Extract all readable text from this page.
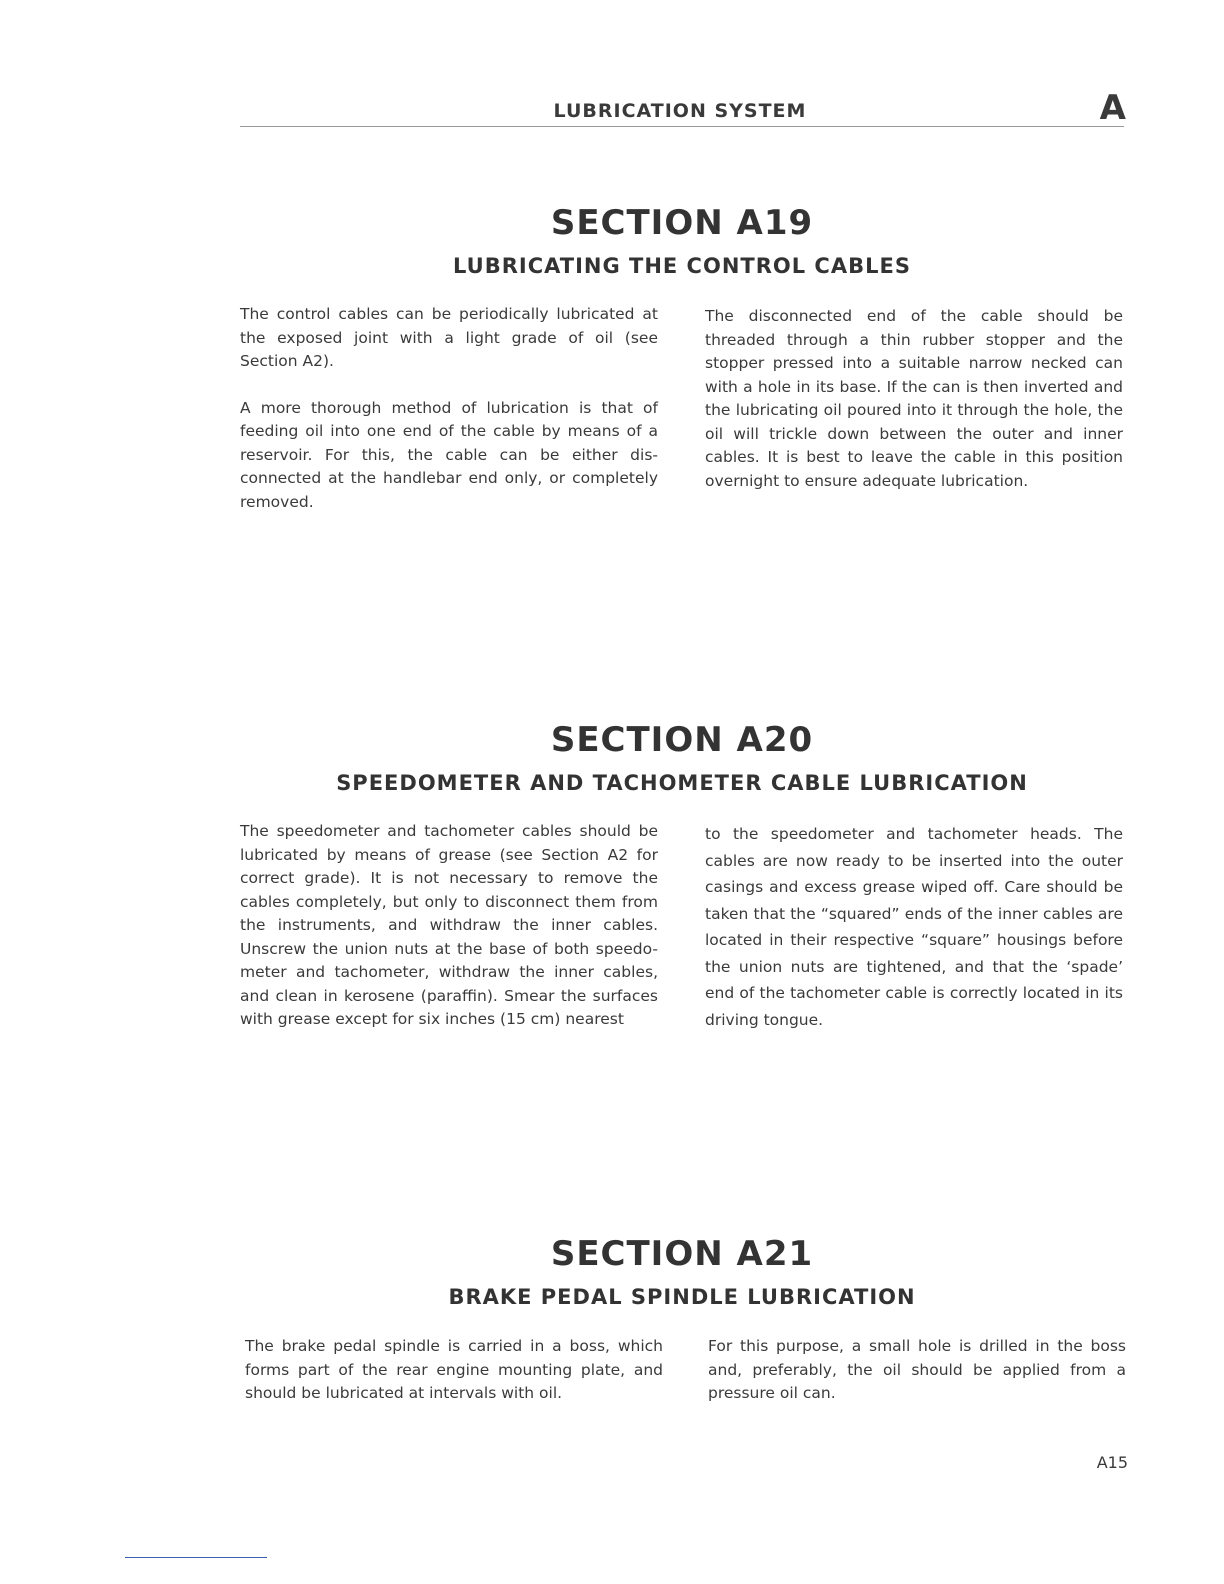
LUBRICATION SYSTEM	A
SECTION A19
LUBRICATING THE CONTROL CABLES

The control cables can be periodically lubricated at the exposed joint with a light grade of oil (see Section A2).

A more thorough method of lubrication is that of feeding oil into one end of the cable by means of a reservoir. For this, the cable can be either dis-connected at the handlebar end only, or completely removed.

The disconnected end of the cable should be threaded through a thin rubber stopper and the stopper pressed into a suitable narrow necked can with a hole in its base. If the can is then inverted and the lubricating oil poured into it through the hole, the oil will trickle down between the outer and inner cables. It is best to leave the cable in this position overnight to ensure adequate lubrication.

SECTION A20
SPEEDOMETER AND TACHOMETER CABLE LUBRICATION

The speedometer and tachometer cables should be lubricated by means of grease (see Section A2 for correct grade). It is not necessary to remove the cables completely, but only to disconnect them from the instruments, and withdraw the inner cables. Unscrew the union nuts at the base of both speedo-meter and tachometer, withdraw the inner cables, and clean in kerosene (paraffin). Smear the surfaces with grease except for six inches (15 cm) nearest

to the speedometer and tachometer heads. The cables are now ready to be inserted into the outer casings and excess grease wiped off. Care should be taken that the “squared” ends of the inner cables are located in their respective “square” housings before the union nuts are tightened, and that the ‘spade’ end of the tachometer cable is correctly located in its driving tongue.

SECTION A21
BRAKE PEDAL SPINDLE LUBRICATION

The brake pedal spindle is carried in a boss, which forms part of the rear engine mounting plate, and should be lubricated at intervals with oil.

For this purpose, a small hole is drilled in the boss and, preferably, the oil should be applied from a pressure oil can.

A15
